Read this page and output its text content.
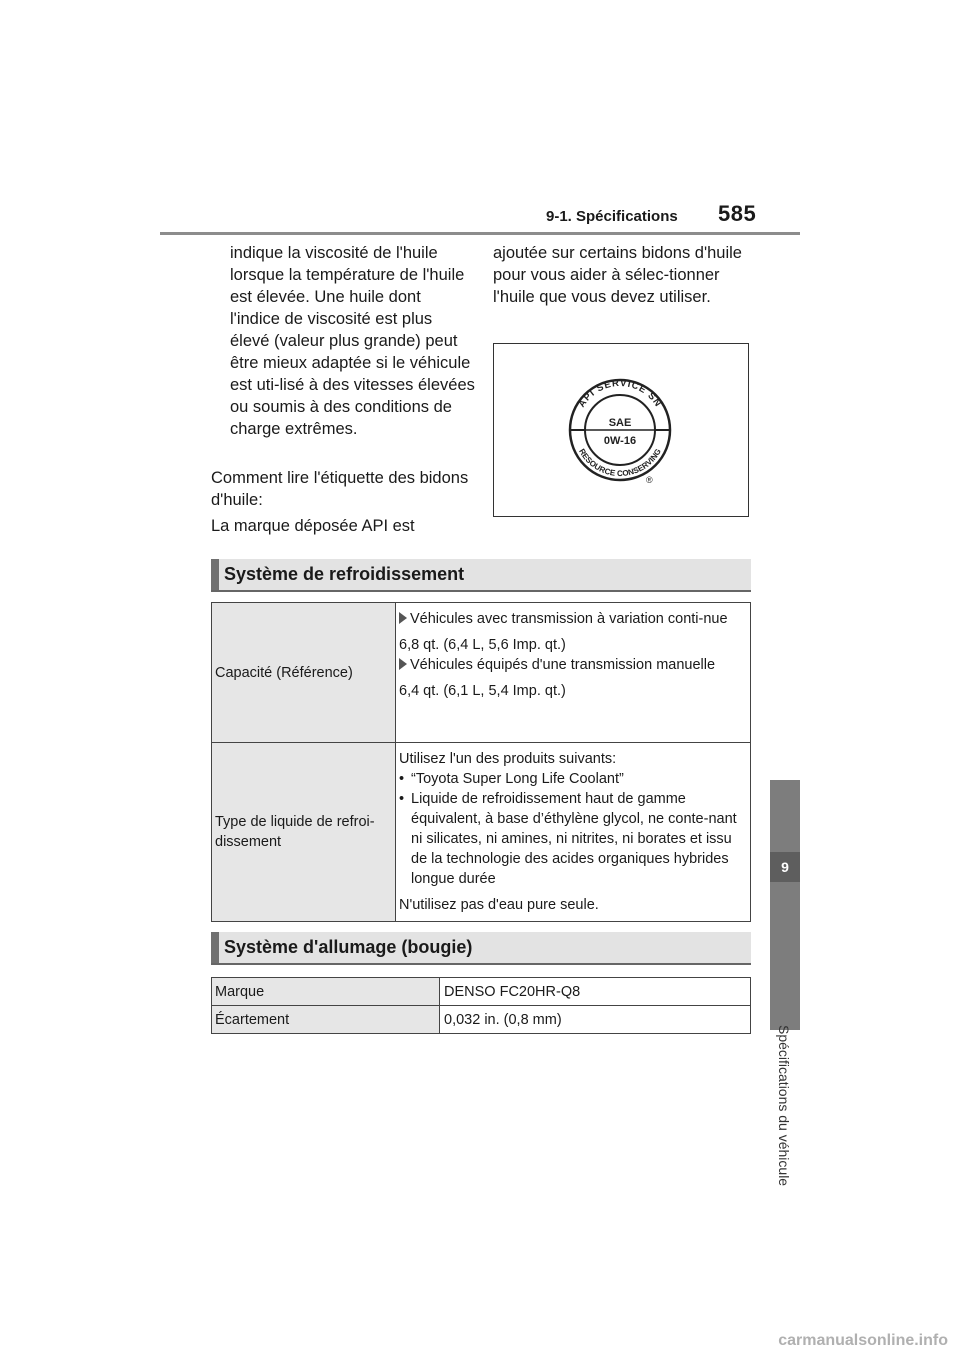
9-1. Spécifications 585
9
Spécifications du véhicule
indique la viscosité de l'huile lorsque la température de l'huile est élevée. Une huile dont l'indice de viscosité est plus élevé (valeur plus grande) peut être mieux adaptée si le véhicule est uti-lisé à des vitesses élevées ou soumis à des conditions de charge extrêmes.
Comment lire l'étiquette des bidons d'huile:
La marque déposée API est
ajoutée sur certains bidons d'huile pour vous aider à sélec-tionner l'huile que vous devez utiliser.
API SERVICE SN
RESOURCE CONSERVING
SAE
0W-16
®
Système de refroidissement
Capacité (Référence)	Véhicules avec transmission à variation conti-nue
6,8 qt. (6,4 L, 5,6 Imp. qt.)
Véhicules équipés d'une transmission manuelle
6,4 qt. (6,1 L, 5,4 Imp. qt.)

Type de liquide de refroi-dissement	Utilisez l'un des produits suivants:
• “Toyota Super Long Life Coolant”
• Liquide de refroidissement haut de gamme équivalent, à base d’éthylène glycol, ne conte-nant ni silicates, ni amines, ni nitrites, ni borates et issu de la technologie des acides organiques hybrides longue durée
N'utilisez pas d'eau pure seule.
Système d'allumage (bougie)
Marque	DENSO FC20HR-Q8
Écartement	0,032 in. (0,8 mm)
carmanualsonline.info
